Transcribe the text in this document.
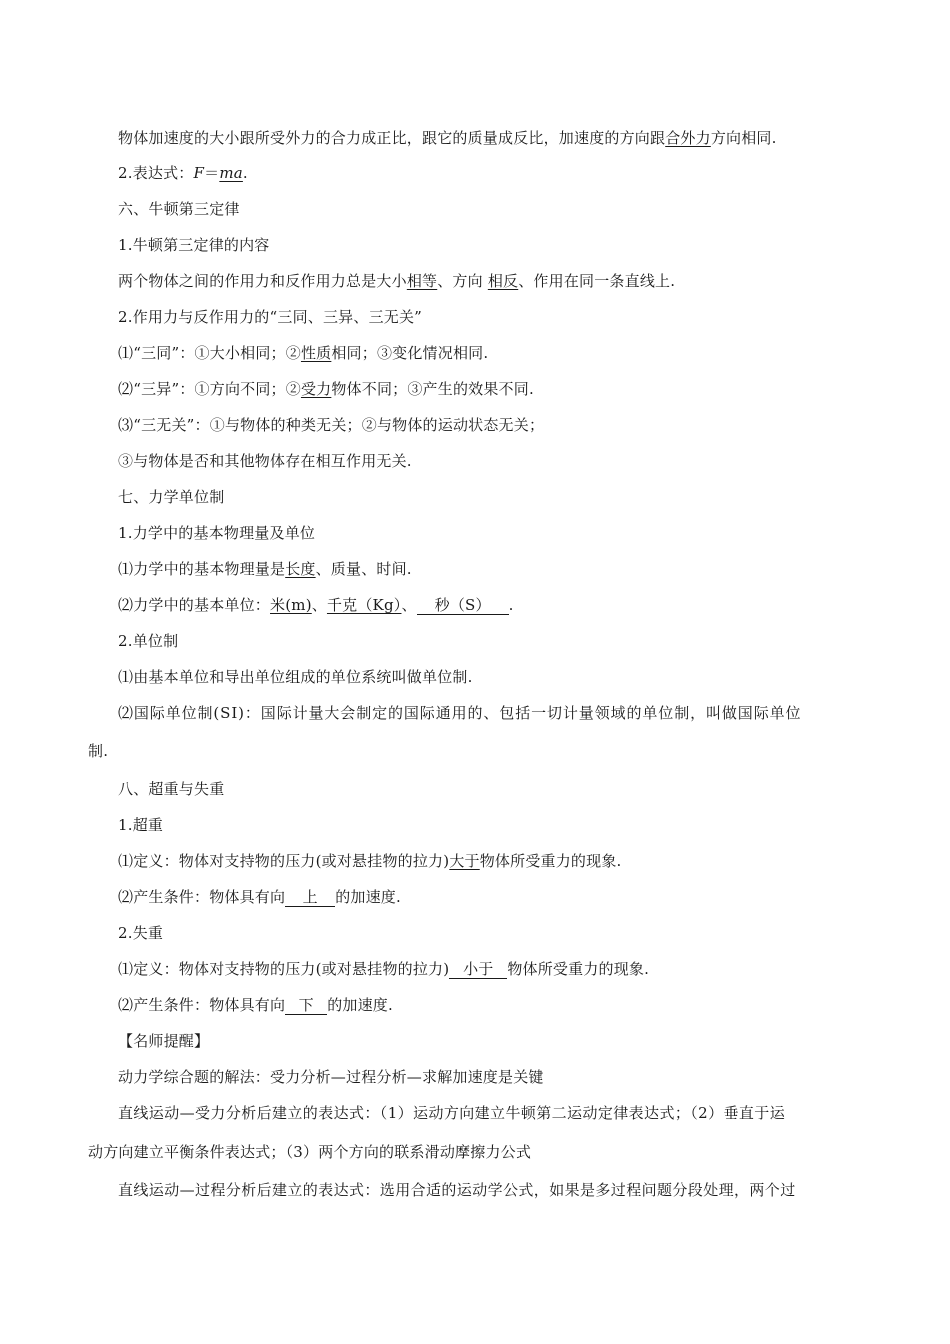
物体加速度的大小跟所受外力的合力成正比，跟它的质量成反比，加速度的方向跟合外力方向相同.
2.表达式：F＝ma.
六、牛顿第三定律
1.牛顿第三定律的内容
两个物体之间的作用力和反作用力总是大小相等、方向 相反、作用在同一条直线上.
2.作用力与反作用力的“三同、三异、三无关”
⑴“三同”：①大小相同；②性质相同；③变化情况相同.
⑵“三异”：①方向不同；②受力物体不同；③产生的效果不同.
⑶“三无关”：①与物体的种类无关；②与物体的运动状态无关；
③与物体是否和其他物体存在相互作用无关.
七、力学单位制
1.力学中的基本物理量及单位
⑴力学中的基本物理量是长度、质量、时间.
⑵力学中的基本单位：米(m)、千克（Kg）、 秒（S） .
2.单位制
⑴由基本单位和导出单位组成的单位系统叫做单位制.
⑵国际单位制(SI)：国际计量大会制定的国际通用的、包括一切计量领域的单位制，叫做国际单位
制.
八、超重与失重
1.超重
⑴定义：物体对支持物的压力(或对悬挂物的拉力)大于物体所受重力的现象.
⑵产生条件：物体具有向 上 的加速度.
2.失重
⑴定义：物体对支持物的压力(或对悬挂物的拉力) 小于 物体所受重力的现象.
⑵产生条件：物体具有向 下 的加速度.
【名师提醒】
动力学综合题的解法：受力分析—过程分析—求解加速度是关键
直线运动—受力分析后建立的表达式：（1）运动方向建立牛顿第二运动定律表达式；（2）垂直于运
动方向建立平衡条件表达式；（3）两个方向的联系滑动摩擦力公式
直线运动—过程分析后建立的表达式：选用合适的运动学公式，如果是多过程问题分段处理，两个过
